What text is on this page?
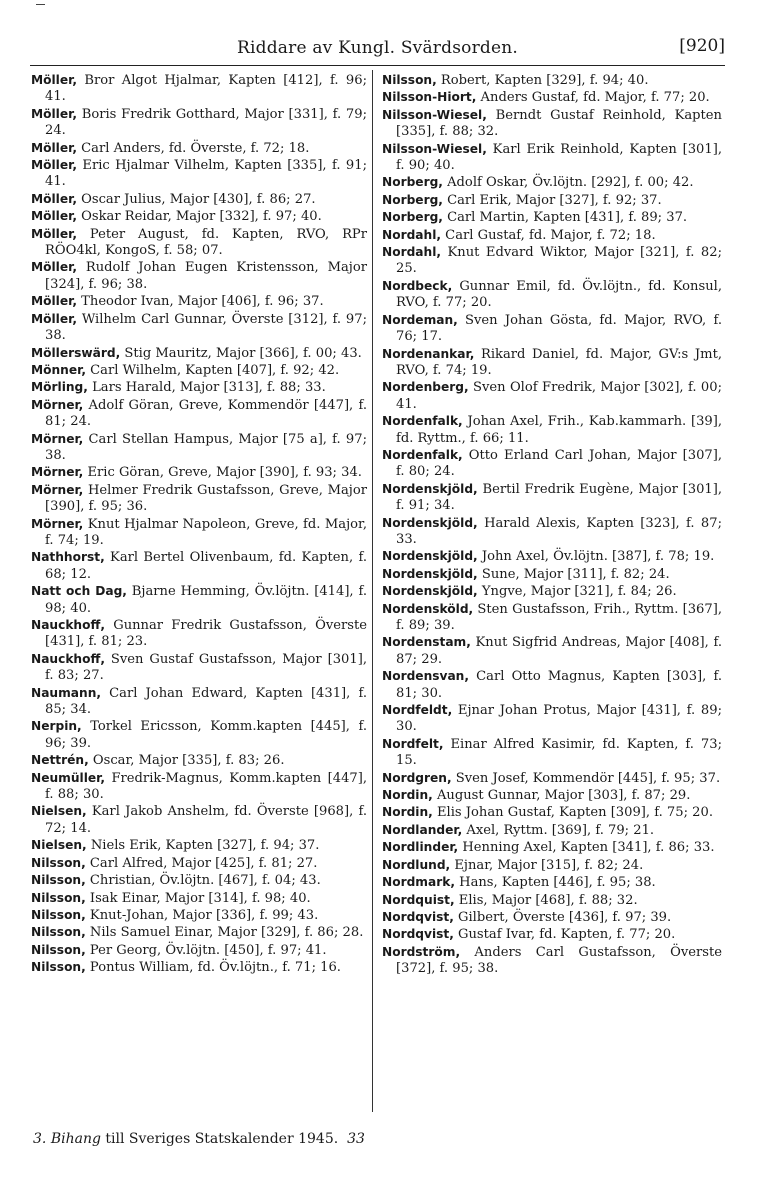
Riddare av Kungl. Svärdsorden.	[920]

Möller, Bror Algot Hjalmar, Kapten [412], f. 96; 41.

Möller, Boris Fredrik Gotthard, Major [331], f. 79; 24.

Möller, Carl Anders, fd. Överste, f. 72; 18.

Möller, Eric Hjalmar Vilhelm, Kapten [335], f. 91; 41.

Möller, Oscar Julius, Major [430], f. 86; 27.

Möller, Oskar Reidar, Major [332], f. 97; 40.

Möller, Peter August, fd. Kapten, RVO, RPr RÖO4kl, KongoS, f. 58; 07.

Möller, Rudolf Johan Eugen Kristensson, Major [324], f. 96; 38.

Möller, Theodor Ivan, Major [406], f. 96; 37.

Möller, Wilhelm Carl Gunnar, Överste [312], f. 97; 38.

Möllerswärd, Stig Mauritz, Major [366], f. 00; 43.

Mönner, Carl Wilhelm, Kapten [407], f. 92; 42.

Mörling, Lars Harald, Major [313], f. 88; 33.

Mörner, Adolf Göran, Greve, Kommendör [447], f. 81; 24.

Mörner, Carl Stellan Hampus, Major [75 a], f. 97; 38.

Mörner, Eric Göran, Greve, Major [390], f. 93; 34.

Mörner, Helmer Fredrik Gustafsson, Greve, Major [390], f. 95; 36.

Mörner, Knut Hjalmar Napoleon, Greve, fd. Major, f. 74; 19.

Nathhorst, Karl Bertel Olivenbaum, fd. Kapten, f. 68; 12.

Natt och Dag, Bjarne Hemming, Öv.löjtn. [414], f. 98; 40.

Nauckhoff, Gunnar Fredrik Gustafsson, Överste [431], f. 81; 23.

Nauckhoff, Sven Gustaf Gustafsson, Major [301], f. 83; 27.

Naumann, Carl Johan Edward, Kapten [431], f. 85; 34.

Nerpin, Torkel Ericsson, Komm.kapten [445], f. 96; 39.

Nettrén, Oscar, Major [335], f. 83; 26.

Neumüller, Fredrik-Magnus, Komm.kapten [447], f. 88; 30.

Nielsen, Karl Jakob Anshelm, fd. Överste [968], f. 72; 14.

Nielsen, Niels Erik, Kapten [327], f. 94; 37.

Nilsson, Carl Alfred, Major [425], f. 81; 27.

Nilsson, Christian, Öv.löjtn. [467], f. 04; 43.

Nilsson, Isak Einar, Major [314], f. 98; 40.

Nilsson, Knut-Johan, Major [336], f. 99; 43.

Nilsson, Nils Samuel Einar, Major [329], f. 86; 28.

Nilsson, Per Georg, Öv.löjtn. [450], f. 97; 41.

Nilsson, Pontus William, fd. Öv.löjtn., f. 71; 16.

Nilsson, Robert, Kapten [329], f. 94; 40.

Nilsson-Hiort, Anders Gustaf, fd. Major, f. 77; 20.

Nilsson-Wiesel, Berndt Gustaf Reinhold, Kapten [335], f. 88; 32.

Nilsson-Wiesel, Karl Erik Reinhold, Kapten [301], f. 90; 40.

Norberg, Adolf Oskar, Öv.löjtn. [292], f. 00; 42.

Norberg, Carl Erik, Major [327], f. 92; 37.

Norberg, Carl Martin, Kapten [431], f. 89; 37.

Nordahl, Carl Gustaf, fd. Major, f. 72; 18.

Nordahl, Knut Edvard Wiktor, Major [321], f. 82; 25.

Nordbeck, Gunnar Emil, fd. Öv.löjtn., fd. Konsul, RVO, f. 77; 20.

Nordeman, Sven Johan Gösta, fd. Major, RVO, f. 76; 17.

Nordenankar, Rikard Daniel, fd. Major, GV:s Jmt, RVO, f. 74; 19.

Nordenberg, Sven Olof Fredrik, Major [302], f. 00; 41.

Nordenfalk, Johan Axel, Frih., Kab.kammarh. [39], fd. Ryttm., f. 66; 11.

Nordenfalk, Otto Erland Carl Johan, Major [307], f. 80; 24.

Nordenskjöld, Bertil Fredrik Eugène, Major [301], f. 91; 34.

Nordenskjöld, Harald Alexis, Kapten [323], f. 87; 33.

Nordenskjöld, John Axel, Öv.löjtn. [387], f. 78; 19.

Nordenskjöld, Sune, Major [311], f. 82; 24.

Nordenskjöld, Yngve, Major [321], f. 84; 26.

Nordensköld, Sten Gustafsson, Frih., Ryttm. [367], f. 89; 39.

Nordenstam, Knut Sigfrid Andreas, Major [408], f. 87; 29.

Nordensvan, Carl Otto Magnus, Kapten [303], f. 81; 30.

Nordfeldt, Ejnar Johan Protus, Major [431], f. 89; 30.

Nordfelt, Einar Alfred Kasimir, fd. Kapten, f. 73; 15.

Nordgren, Sven Josef, Kommendör [445], f. 95; 37.

Nordin, August Gunnar, Major [303], f. 87; 29.

Nordin, Elis Johan Gustaf, Kapten [309], f. 75; 20.

Nordlander, Axel, Ryttm. [369], f. 79; 21.

Nordlinder, Henning Axel, Kapten [341], f. 86; 33.

Nordlund, Ejnar, Major [315], f. 82; 24.

Nordmark, Hans, Kapten [446], f. 95; 38.

Nordquist, Elis, Major [468], f. 88; 32.

Nordqvist, Gilbert, Överste [436], f. 97; 39.

Nordqvist, Gustaf Ivar, fd. Kapten, f. 77; 20.

Nordström, Anders Carl Gustafsson, Överste [372], f. 95; 38.

3. Bihang till Sveriges Statskalender 1945. 33
